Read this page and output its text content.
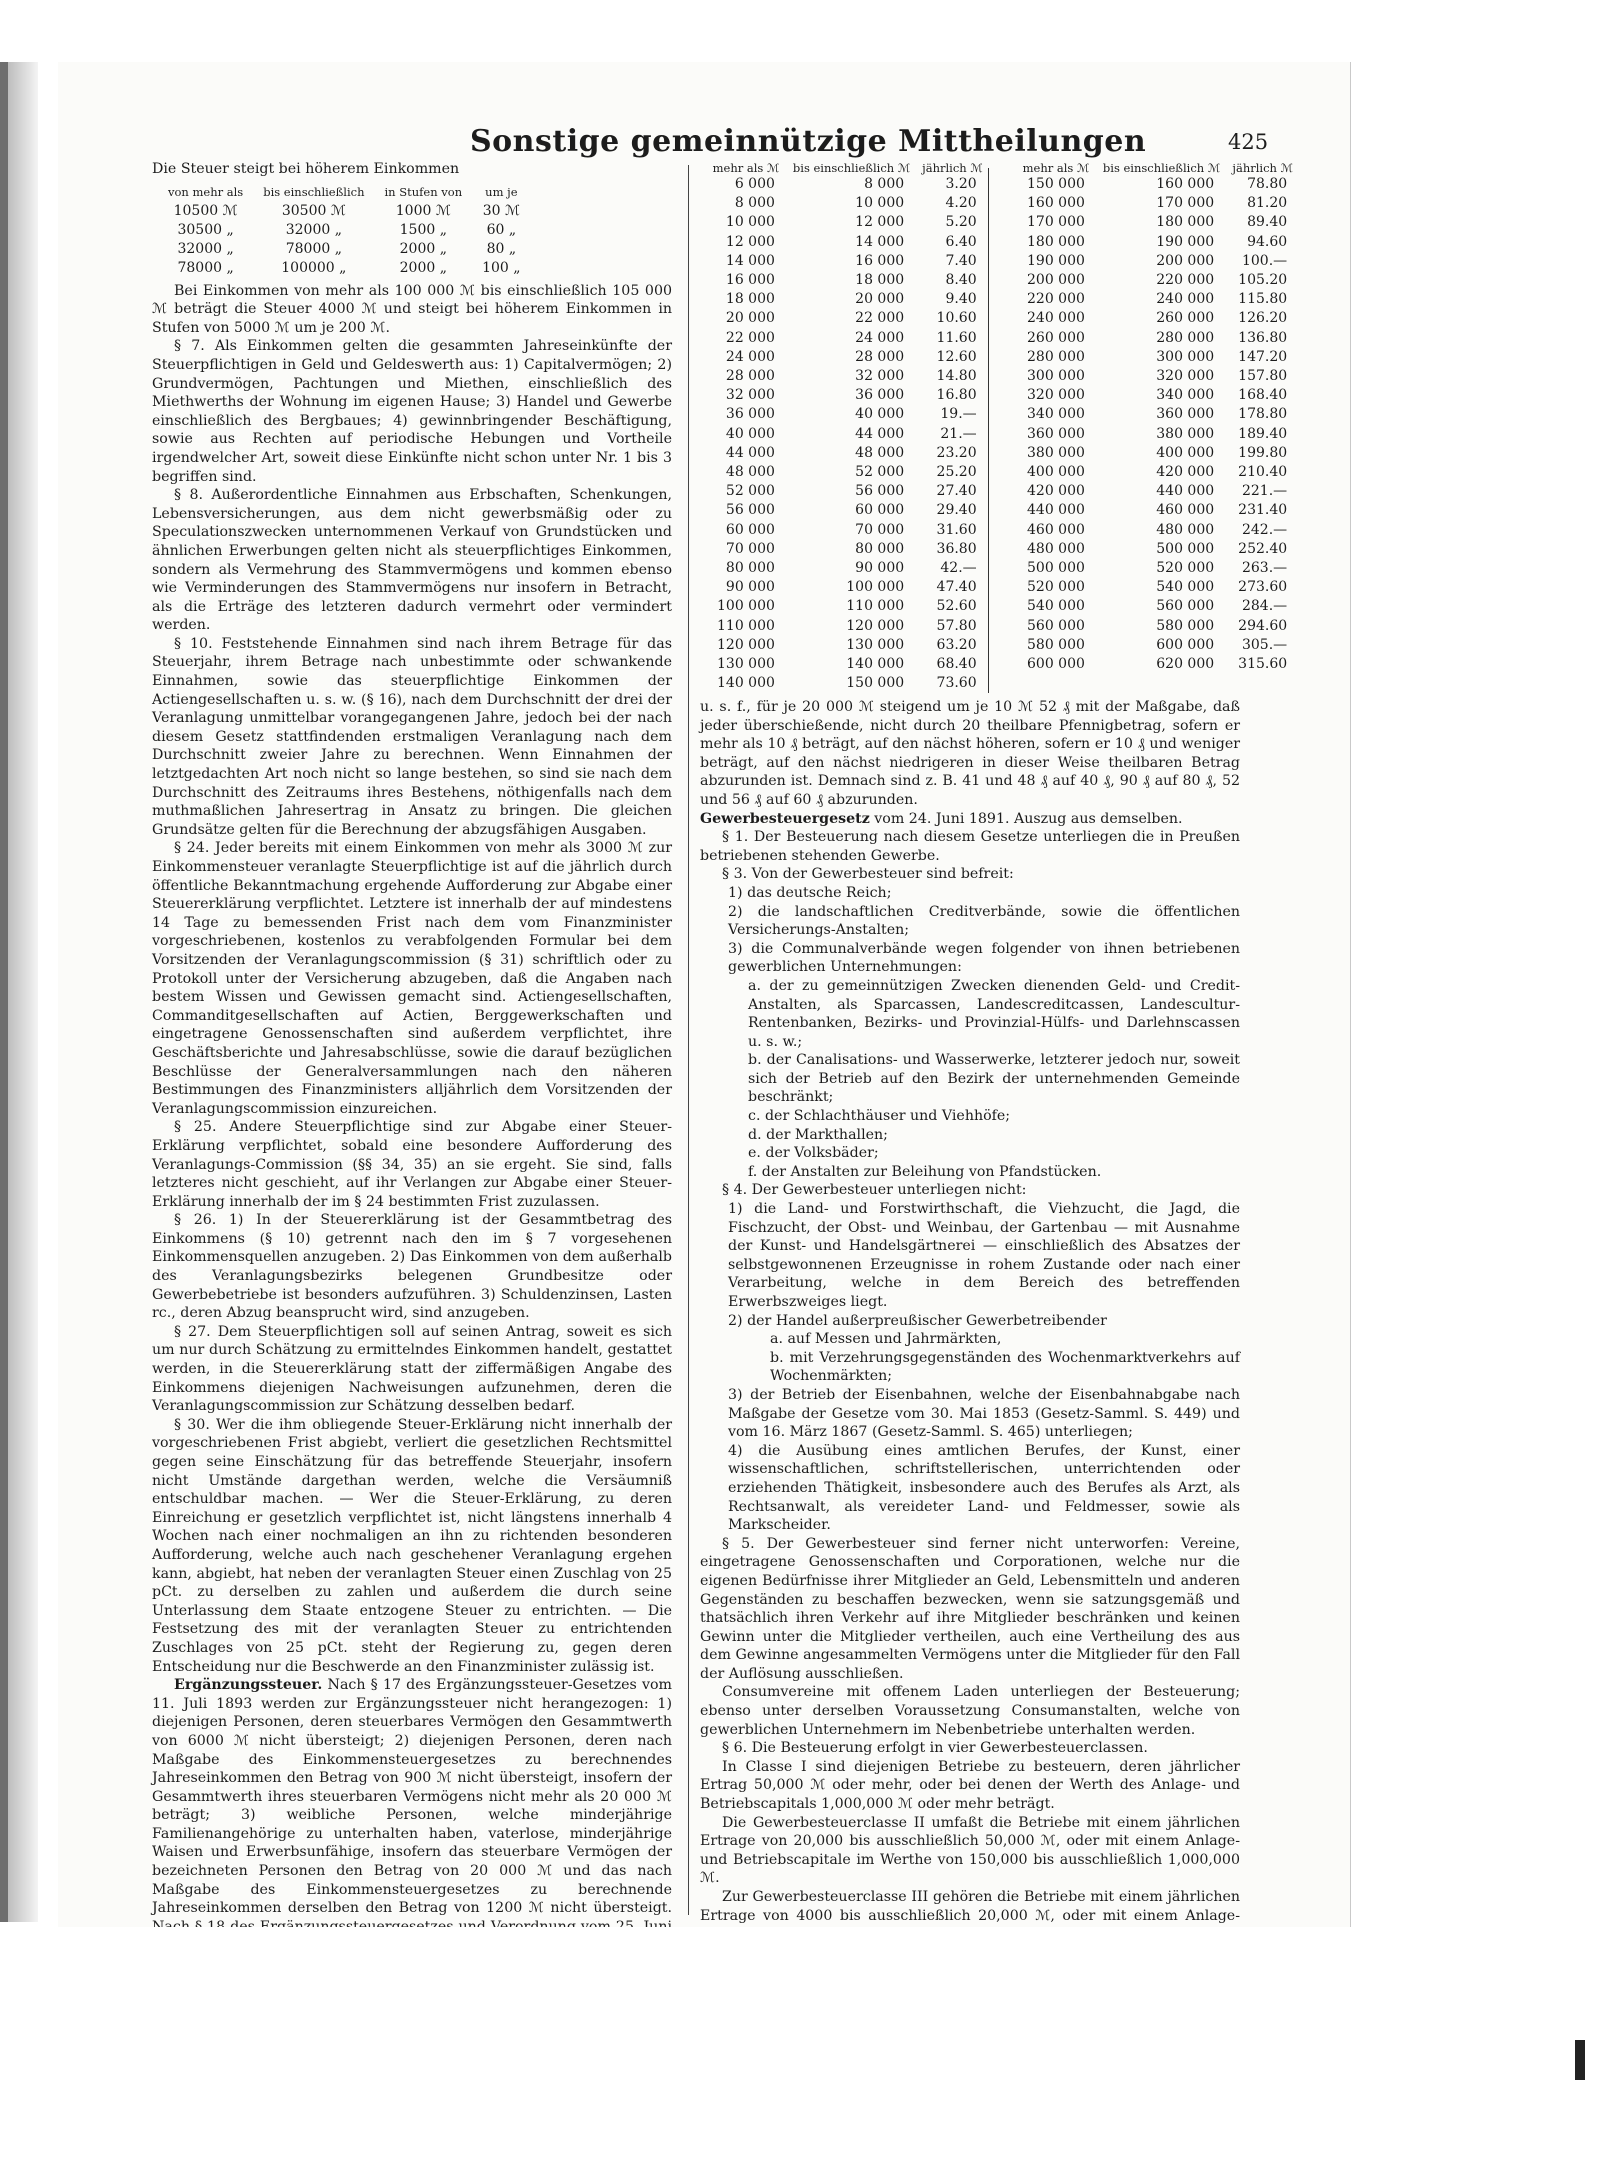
Sonstige gemeinnützige Mittheilungen	425

Die Steuer steigt bei höherem Einkommen

von mehr als	bis einschließlich	in Stufen von	um je
10500 ℳ	30500 ℳ	1000 ℳ	30 ℳ
30500 „	32000 „	1500 „	60 „
32000 „	78000 „	2000 „	80 „
78000 „	100000 „	2000 „	100 „

Bei Einkommen von mehr als 100 000 ℳ bis einschließlich 105 000 ℳ beträgt die Steuer 4000 ℳ und steigt bei höherem Einkommen in Stufen von 5000 ℳ um je 200 ℳ.

§ 7. Als Einkommen gelten die gesammten Jahreseinkünfte der Steuerpflichtigen in Geld und Geldeswerth aus: 1) Capitalvermögen; 2) Grundvermögen, Pachtungen und Miethen, einschließlich des Miethwerths der Wohnung im eigenen Hause; 3) Handel und Gewerbe einschließlich des Bergbaues; 4) gewinnbringender Beschäftigung, sowie aus Rechten auf periodische Hebungen und Vortheile irgendwelcher Art, soweit diese Einkünfte nicht schon unter Nr. 1 bis 3 begriffen sind.

§ 8. Außerordentliche Einnahmen aus Erbschaften, Schenkungen, Lebensversicherungen, aus dem nicht gewerbsmäßig oder zu Speculationszwecken unternommenen Verkauf von Grundstücken und ähnlichen Erwerbungen gelten nicht als steuerpflichtiges Einkommen, sondern als Vermehrung des Stammvermögens und kommen ebenso wie Verminderungen des Stammvermögens nur insofern in Betracht, als die Erträge des letzteren dadurch vermehrt oder vermindert werden.

§ 10. Feststehende Einnahmen sind nach ihrem Betrage für das Steuerjahr, ihrem Betrage nach unbestimmte oder schwankende Einnahmen, sowie das steuerpflichtige Einkommen der Actiengesellschaften u. s. w. (§ 16), nach dem Durchschnitt der drei der Veranlagung unmittelbar vorangegangenen Jahre, jedoch bei der nach diesem Gesetz stattfindenden erstmaligen Veranlagung nach dem Durchschnitt zweier Jahre zu berechnen. Wenn Einnahmen der letztgedachten Art noch nicht so lange bestehen, so sind sie nach dem Durchschnitt des Zeitraums ihres Bestehens, nöthigenfalls nach dem muthmaßlichen Jahresertrag in Ansatz zu bringen. Die gleichen Grundsätze gelten für die Berechnung der abzugsfähigen Ausgaben.

§ 24. Jeder bereits mit einem Einkommen von mehr als 3000 ℳ zur Einkommensteuer veranlagte Steuerpflichtige ist auf die jährlich durch öffentliche Bekanntmachung ergehende Aufforderung zur Abgabe einer Steuererklärung verpflichtet. Letztere ist innerhalb der auf mindestens 14 Tage zu bemessenden Frist nach dem vom Finanzminister vorgeschriebenen, kostenlos zu verabfolgenden Formular bei dem Vorsitzenden der Veranlagungscommission (§ 31) schriftlich oder zu Protokoll unter der Versicherung abzugeben, daß die Angaben nach bestem Wissen und Gewissen gemacht sind. Actiengesellschaften, Commanditgesellschaften auf Actien, Berggewerkschaften und eingetragene Genossenschaften sind außerdem verpflichtet, ihre Geschäftsberichte und Jahresabschlüsse, sowie die darauf bezüglichen Beschlüsse der Generalversammlungen nach den näheren Bestimmungen des Finanzministers alljährlich dem Vorsitzenden der Veranlagungscommission einzureichen.

§ 25. Andere Steuerpflichtige sind zur Abgabe einer Steuer-Erklärung verpflichtet, sobald eine besondere Aufforderung des Veranlagungs-Commission (§§ 34, 35) an sie ergeht. Sie sind, falls letzteres nicht geschieht, auf ihr Verlangen zur Abgabe einer Steuer-Erklärung innerhalb der im § 24 bestimmten Frist zuzulassen.

§ 26. 1) In der Steuererklärung ist der Gesammtbetrag des Einkommens (§ 10) getrennt nach den im § 7 vorgesehenen Einkommensquellen anzugeben. 2) Das Einkommen von dem außerhalb des Veranlagungsbezirks belegenen Grundbesitze oder Gewerbebetriebe ist besonders aufzuführen. 3) Schuldenzinsen, Lasten rc., deren Abzug beansprucht wird, sind anzugeben.

§ 27. Dem Steuerpflichtigen soll auf seinen Antrag, soweit es sich um nur durch Schätzung zu ermittelndes Einkommen handelt, gestattet werden, in die Steuererklärung statt der ziffermäßigen Angabe des Einkommens diejenigen Nachweisungen aufzunehmen, deren die Veranlagungscommission zur Schätzung desselben bedarf.

§ 30. Wer die ihm obliegende Steuer-Erklärung nicht innerhalb der vorgeschriebenen Frist abgiebt, verliert die gesetzlichen Rechtsmittel gegen seine Einschätzung für das betreffende Steuerjahr, insofern nicht Umstände dargethan werden, welche die Versäumniß entschuldbar machen. — Wer die Steuer-Erklärung, zu deren Einreichung er gesetzlich verpflichtet ist, nicht längstens innerhalb 4 Wochen nach einer nochmaligen an ihn zu richtenden besonderen Aufforderung, welche auch nach geschehener Veranlagung ergehen kann, abgiebt, hat neben der veranlagten Steuer einen Zuschlag von 25 pCt. zu derselben zu zahlen und außerdem die durch seine Unterlassung dem Staate entzogene Steuer zu entrichten. — Die Festsetzung des mit der veranlagten Steuer zu entrichtenden Zuschlages von 25 pCt. steht der Regierung zu, gegen deren Entscheidung nur die Beschwerde an den Finanzminister zulässig ist.

Ergänzungssteuer. Nach § 17 des Ergänzungssteuer-Gesetzes vom 11. Juli 1893 werden zur Ergänzungssteuer nicht herangezogen: 1) diejenigen Personen, deren steuerbares Vermögen den Gesammtwerth von 6000 ℳ nicht übersteigt; 2) diejenigen Personen, deren nach Maßgabe des Einkommensteuergesetzes zu berechnendes Jahreseinkommen den Betrag von 900 ℳ nicht übersteigt, insofern der Gesammtwerth ihres steuerbaren Vermögens nicht mehr als 20 000 ℳ beträgt; 3) weibliche Personen, welche minderjährige Familienangehörige zu unterhalten haben, vaterlose, minderjährige Waisen und Erwerbsunfähige, insofern das steuerbare Vermögen der bezeichneten Personen den Betrag von 20 000 ℳ und das nach Maßgabe des Einkommensteuergesetzes zu berechnende Jahreseinkommen derselben den Betrag von 1200 ℳ nicht übersteigt.

mehr als ℳ	bis einschließlich ℳ	jährlich ℳ
6 000	8 000	3.20
8 000	10 000	4.20
10 000	12 000	5.20
12 000	14 000	6.40
14 000	16 000	7.40
16 000	18 000	8.40
18 000	20 000	9.40
20 000	22 000	10.60
22 000	24 000	11.60
24 000	28 000	12.60
28 000	32 000	14.80
32 000	36 000	16.80
36 000	40 000	19.—
40 000	44 000	21.—
44 000	48 000	23.20
48 000	52 000	25.20
52 000	56 000	27.40
56 000	60 000	29.40
60 000	70 000	31.60
70 000	80 000	36.80
80 000	90 000	42.—
90 000	100 000	47.40
100 000	110 000	52.60
110 000	120 000	57.80
120 000	130 000	63.20
130 000	140 000	68.40
140 000	150 000	73.60
mehr als ℳ	bis einschließlich ℳ	jährlich ℳ
150 000	160 000	78.80
160 000	170 000	81.20
170 000	180 000	89.40
180 000	190 000	94.60
190 000	200 000	100.—
200 000	220 000	105.20
220 000	240 000	115.80
240 000	260 000	126.20
260 000	280 000	136.80
280 000	300 000	147.20
300 000	320 000	157.80
320 000	340 000	168.40
340 000	360 000	178.80
360 000	380 000	189.40
380 000	400 000	199.80
400 000	420 000	210.40
420 000	440 000	221.—
440 000	460 000	231.40
460 000	480 000	242.—
480 000	500 000	252.40
500 000	520 000	263.—
520 000	540 000	273.60
540 000	560 000	284.—
560 000	580 000	294.60
580 000	600 000	305.—
600 000	620 000	315.60

u. s. f., für je 20 000 ℳ steigend um je 10 ℳ 52 ₰ mit der Maßgabe, daß jeder überschießende, nicht durch 20 theilbare Pfennigbetrag, sofern er mehr als 10 ₰ beträgt, auf den nächst höheren, sofern er 10 ₰ und weniger beträgt, auf den nächst niedrigeren in dieser Weise theilbaren Betrag abzurunden ist. Demnach sind z. B. 41 und 48 ₰ auf 40 ₰, 90 ₰ auf 80 ₰, 52 und 56 ₰ auf 60 ₰ abzurunden.

Gewerbesteuergesetz vom 24. Juni 1891. Auszug aus demselben.

§ 1. Der Besteuerung nach diesem Gesetze unterliegen die in Preußen betriebenen stehenden Gewerbe.

§ 3. Von der Gewerbesteuer sind befreit:

1) das deutsche Reich;

2) die landschaftlichen Creditverbände, sowie die öffentlichen Versicherungs-Anstalten;

3) die Communalverbände wegen folgender von ihnen betriebenen gewerblichen Unternehmungen:

a. der zu gemeinnützigen Zwecken dienenden Geld- und Credit-Anstalten, als Sparcassen, Landescreditcassen, Landescultur-Rentenbanken, Bezirks- und Provinzial-Hülfs- und Darlehnscassen u. s. w.;

b. der Canalisations- und Wasserwerke, letzterer jedoch nur, soweit sich der Betrieb auf den Bezirk der unternehmenden Gemeinde beschränkt;

c. der Schlachthäuser und Viehhöfe;

d. der Markthallen;

e. der Volksbäder;

f. der Anstalten zur Beleihung von Pfandstücken.

§ 4. Der Gewerbesteuer unterliegen nicht:

1) die Land- und Forstwirthschaft, die Viehzucht, die Jagd, die Fischzucht, der Obst- und Weinbau, der Gartenbau — mit Ausnahme der Kunst- und Handelsgärtnerei — einschließlich des Absatzes der selbstgewonnenen Erzeugnisse in rohem Zustande oder nach einer Verarbeitung, welche in dem Bereich des betreffenden Erwerbszweiges liegt.

2) der Handel außerpreußischer Gewerbetreibender

a. auf Messen und Jahrmärkten,

b. mit Verzehrungsgegenständen des Wochenmarktverkehrs auf Wochenmärkten;

3) der Betrieb der Eisenbahnen, welche der Eisenbahnabgabe nach Maßgabe der Gesetze vom 30. Mai 1853 (Gesetz-Samml. S. 449) und vom 16. März 1867 (Gesetz-Samml. S. 465) unterliegen;

4) die Ausübung eines amtlichen Berufes, der Kunst, einer wissenschaftlichen, schriftstellerischen, unterrichtenden oder erziehenden Thätigkeit, insbesondere auch des Berufes als Arzt, als Rechtsanwalt, als vereideter Land- und Feldmesser, sowie als Markscheider.

§ 5. Der Gewerbesteuer sind ferner nicht unterworfen: Vereine, eingetragene Genossenschaften und Corporationen, welche nur die eigenen Bedürfnisse ihrer Mitglieder an Geld, Lebensmitteln und anderen Gegenständen zu beschaffen bezwecken, wenn sie satzungsgemäß und thatsächlich ihren Verkehr auf ihre Mitglieder beschränken und keinen Gewinn unter die Mitglieder vertheilen, auch eine Vertheilung des aus dem Gewinne angesammelten Vermögens unter die Mitglieder für den Fall der Auflösung ausschließen.

Consumvereine mit offenem Laden unterliegen der Besteuerung; ebenso unter derselben Voraussetzung Consumanstalten, welche von gewerblichen Unternehmern im Nebenbetriebe unterhalten werden.

§ 6. Die Besteuerung erfolgt in vier Gewerbesteuerclassen.

In Classe I sind diejenigen Betriebe zu besteuern, deren jährlicher Ertrag 50,000 ℳ oder mehr, oder bei denen der Werth des Anlage- und Betriebscapitals 1,000,000 ℳ oder mehr beträgt.

Die Gewerbesteuerclasse II umfaßt die Betriebe mit einem jährlichen Ertrage von 20,000 bis ausschließlich 50,000 ℳ, oder mit einem Anlage- und Betriebscapitale im Werthe von 150,000 bis ausschließlich 1,000,000 ℳ.

Zur Gewerbesteuerclasse III gehören die Betriebe mit einem jährlichen Ertrage von 4000 bis ausschließlich 20,000 ℳ, oder mit einem Anlage-
